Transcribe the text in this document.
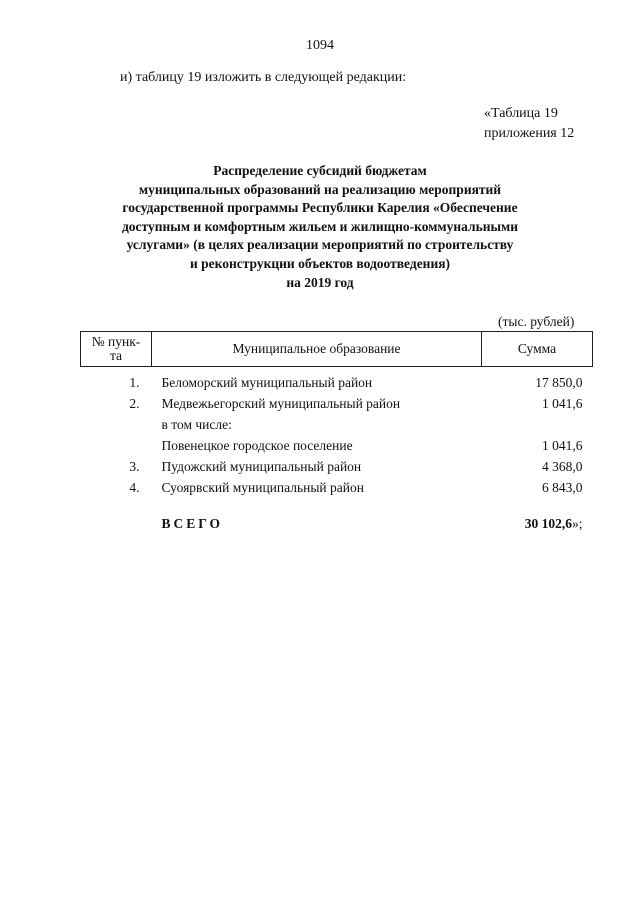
1094
и) таблицу 19 изложить в следующей редакции:
«Таблица 19
приложения 12
Распределение субсидий бюджетам
муниципальных образований на реализацию мероприятий
государственной программы Республики Карелия «Обеспечение
доступным и комфортным жильем и жилищно-коммунальными
услугами» (в целях реализации мероприятий по строительству
и реконструкции объектов водоотведения)
на 2019 год
(тыс. рублей)
№ пунк-
та	Муниципальное образование	Сумма

1.	Беломорский муниципальный район	17 850,0
2.	Медвежьегорский муниципальный район	1 041,6
	в том числе:	
	Повенецкое городское поселение	1 041,6
3.	Пудожский муниципальный район	4 368,0
4.	Суоярвский муниципальный район	6 843,0

	ВСЕГО	30 102,6»;
